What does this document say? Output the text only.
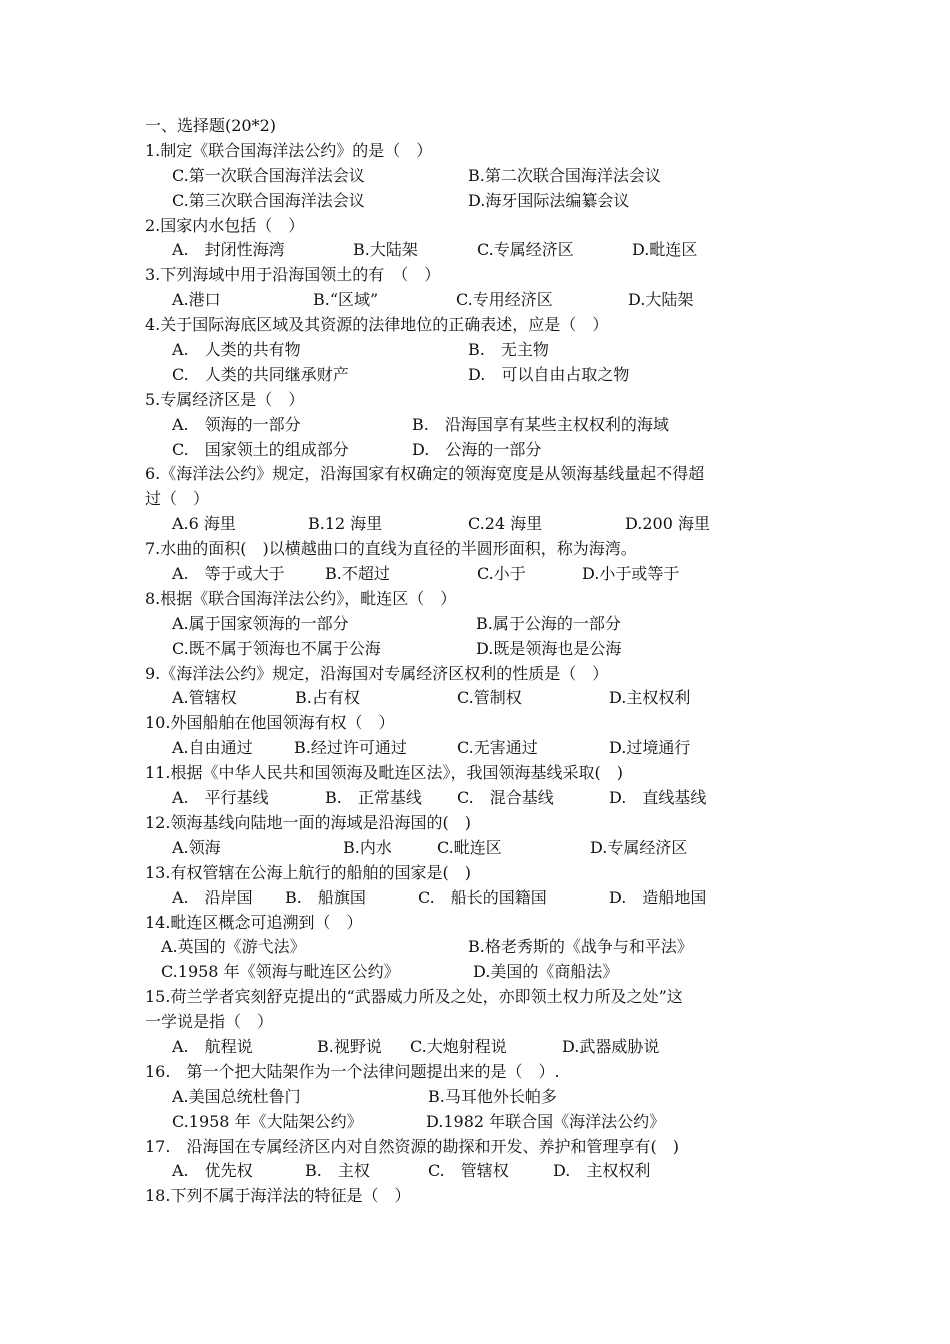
一、选择题(20*2)
1.制定《联合国海洋法公约》的是（　）
C.第一次联合国海洋法会议	B.第二次联合国海洋法会议
C.第三次联合国海洋法会议	D.海牙国际法编纂会议
2.国家内水包括（　）
A.　封闭性海湾	B.大陆架	C.专属经济区	D.毗连区
3.下列海域中用于沿海国领土的有　（　）
A.港口	B.“区域”	C.专用经济区	D.大陆架
4.关于国际海底区域及其资源的法律地位的正确表述，应是（　）
A.　人类的共有物	B.　无主物
C.　人类的共同继承财产	D.　可以自由占取之物
5.专属经济区是（　）
A.　领海的一部分	B.　沿海国享有某些主权权利的海域
C.　国家领土的组成部分	D.　公海的一部分
6.《海洋法公约》规定，沿海国家有权确定的领海宽度是从领海基线量起不得超
过（　）
A.6 海里	B.12 海里	C.24 海里	D.200 海里
7.水曲的面积(　)以横越曲口的直线为直径的半圆形面积，称为海湾。
A.　等于或大于	B.不超过	C.小于	D.小于或等于
8.根据《联合国海洋法公约》，毗连区（　）
A.属于国家领海的一部分	B.属于公海的一部分
C.既不属于领海也不属于公海	D.既是领海也是公海
9.《海洋法公约》规定，沿海国对专属经济区权利的性质是（　）
A.管辖权	B.占有权	C.管制权	D.主权权利
10.外国船舶在他国领海有权（　）
A.自由通过	B.经过许可通过	C.无害通过	D.过境通行
11.根据《中华人民共和国领海及毗连区法》，我国领海基线采取(　)
A.　平行基线	B.　正常基线 C.　混合基线	D.　直线基线
12.领海基线向陆地一面的海域是沿海国的(　)
A.领海	B.内水	C.毗连区	D.专属经济区
13.有权管辖在公海上航行的船舶的国家是(　)
A.　沿岸国 B.　船旗国	C.　船长的国籍国	D.　造船地国
14.毗连区概念可追溯到（　）
A.英国的《游弋法》	B.格老秀斯的《战争与和平法》
C.1958 年《领海与毗连区公约》	D.美国的《商船法》
15.荷兰学者宾刻舒克提出的“武器威力所及之处，亦即领土权力所及之处”这
一学说是指（　）
A.　航程说	B.视野说 C.大炮射程说	D.武器威胁说
16.　第一个把大陆架作为一个法律问题提出来的是（　）.
A.美国总统杜鲁门	B.马耳他外长帕多
C.1958 年《大陆架公约》	D.1982 年联合国《海洋法公约》
17.　沿海国在专属经济区内对自然资源的勘探和开发、养护和管理享有(　)
A.　优先权	B.　主权	C.　管辖权	D.　主权权利
18.下列不属于海洋法的特征是（　）
